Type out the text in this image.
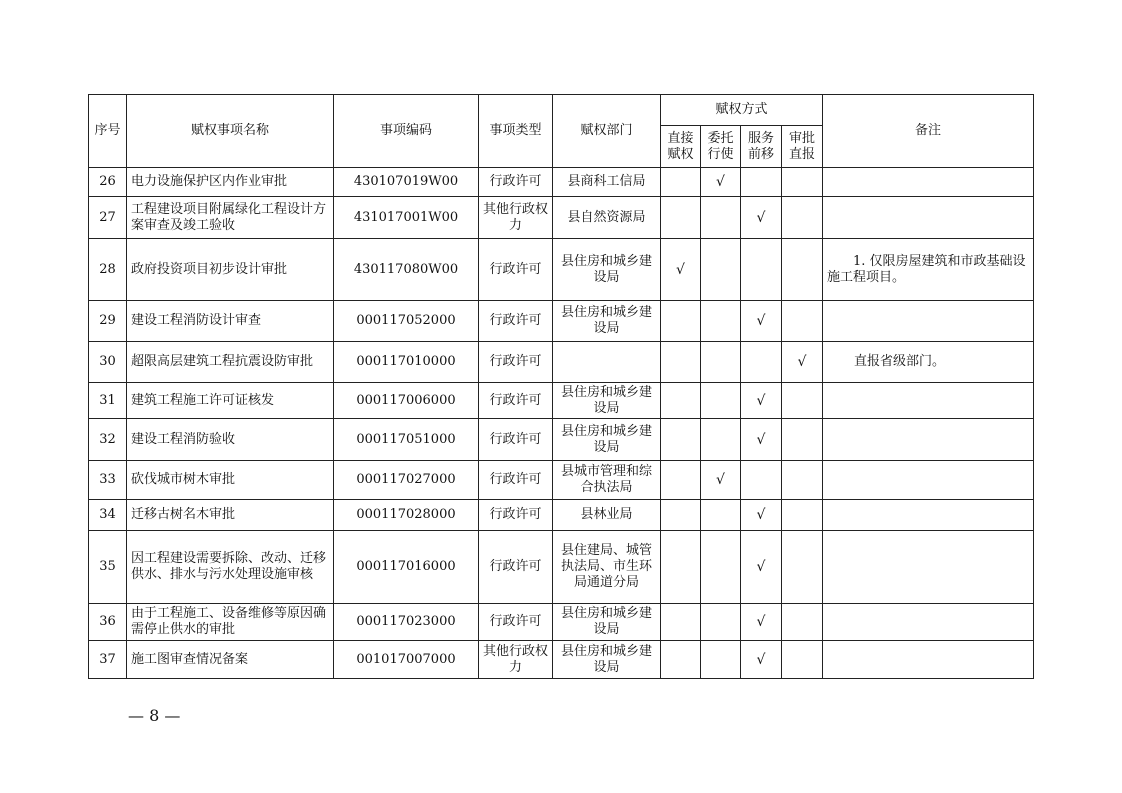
序号	赋权事项名称	事项编码	事项类型	赋权部门	赋权方式				备注
					直接赋权	委托行使	服务前移	审批直报	
26	电力设施保护区内作业审批	430107019W00	行政许可	县商科工信局		√			
27	工程建设项目附属绿化工程设计方案审查及竣工验收	431017001W00	其他行政权力	县自然资源局			√		
28	政府投资项目初步设计审批	430117080W00	行政许可	县住房和城乡建设局	√				1. 仅限房屋建筑和市政基础设施工程项目。
29	建设工程消防设计审查	000117052000	行政许可	县住房和城乡建设局			√		
30	超限高层建筑工程抗震设防审批	000117010000	行政许可					√	直报省级部门。
31	建筑工程施工许可证核发	000117006000	行政许可	县住房和城乡建设局			√		
32	建设工程消防验收	000117051000	行政许可	县住房和城乡建设局			√		
33	砍伐城市树木审批	000117027000	行政许可	县城市管理和综合执法局		√			
34	迁移古树名木审批	000117028000	行政许可	县林业局			√		
35	因工程建设需要拆除、改动、迁移供水、排水与污水处理设施审核	000117016000	行政许可	县住建局、城管执法局、市生环局通道分局			√		
36	由于工程施工、设备维修等原因确需停止供水的审批	000117023000	行政许可	县住房和城乡建设局			√		
37	施工图审查情况备案	001017007000	其他行政权力	县住房和城乡建设局			√		
— 8 —
